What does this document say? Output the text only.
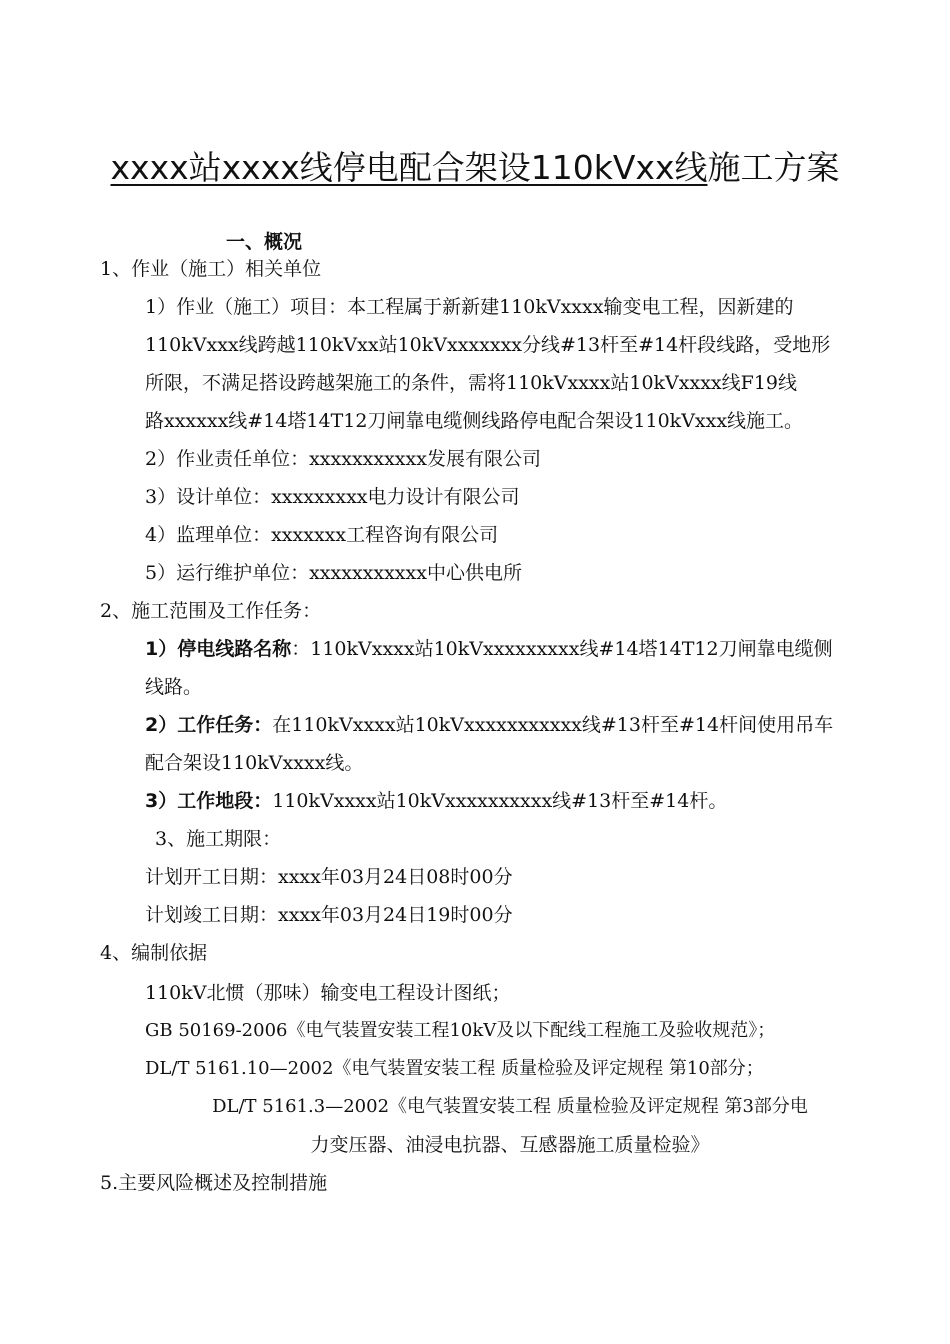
xxxx站xxxx线停电配合架设110kVxx线施工方案
一、概况
1、作业（施工）相关单位
1）作业（施工）项目：本工程属于新新建110kVxxxx输变电工程，因新建的
110kVxxx线跨越110kVxx站10kVxxxxxxx分线#13杆至#14杆段线路，受地形
所限，不满足搭设跨越架施工的条件，需将110kVxxxx站10kVxxxx线F19线
路xxxxxx线#14塔14T12刀闸靠电缆侧线路停电配合架设110kVxxx线施工。
2）作业责任单位：xxxxxxxxxxx发展有限公司
3）设计单位：xxxxxxxxx电力设计有限公司
4）监理单位：xxxxxxx工程咨询有限公司
5）运行维护单位：xxxxxxxxxxx中心供电所
2、施工范围及工作任务：
1）停电线路名称：110kVxxxx站10kVxxxxxxxxx线#14塔14T12刀闸靠电缆侧
线路。
2）工作任务：在110kVxxxx站10kVxxxxxxxxxxx线#13杆至#14杆间使用吊车
配合架设110kVxxxx线。
3）工作地段：110kVxxxx站10kVxxxxxxxxxx线#13杆至#14杆。
3、施工期限：
计划开工日期：xxxx年03月24日08时00分
计划竣工日期：xxxx年03月24日19时00分
4、编制依据
110kV北惯（那味）输变电工程设计图纸；
GB 50169-2006《电气装置安装工程10kV及以下配线工程施工及验收规范》；
DL/T 5161.10—2002《电气装置安装工程 质量检验及评定规程 第10部分；
DL/T 5161.3—2002《电气装置安装工程 质量检验及评定规程 第3部分电
力变压器、油浸电抗器、互感器施工质量检验》
5.主要风险概述及控制措施
